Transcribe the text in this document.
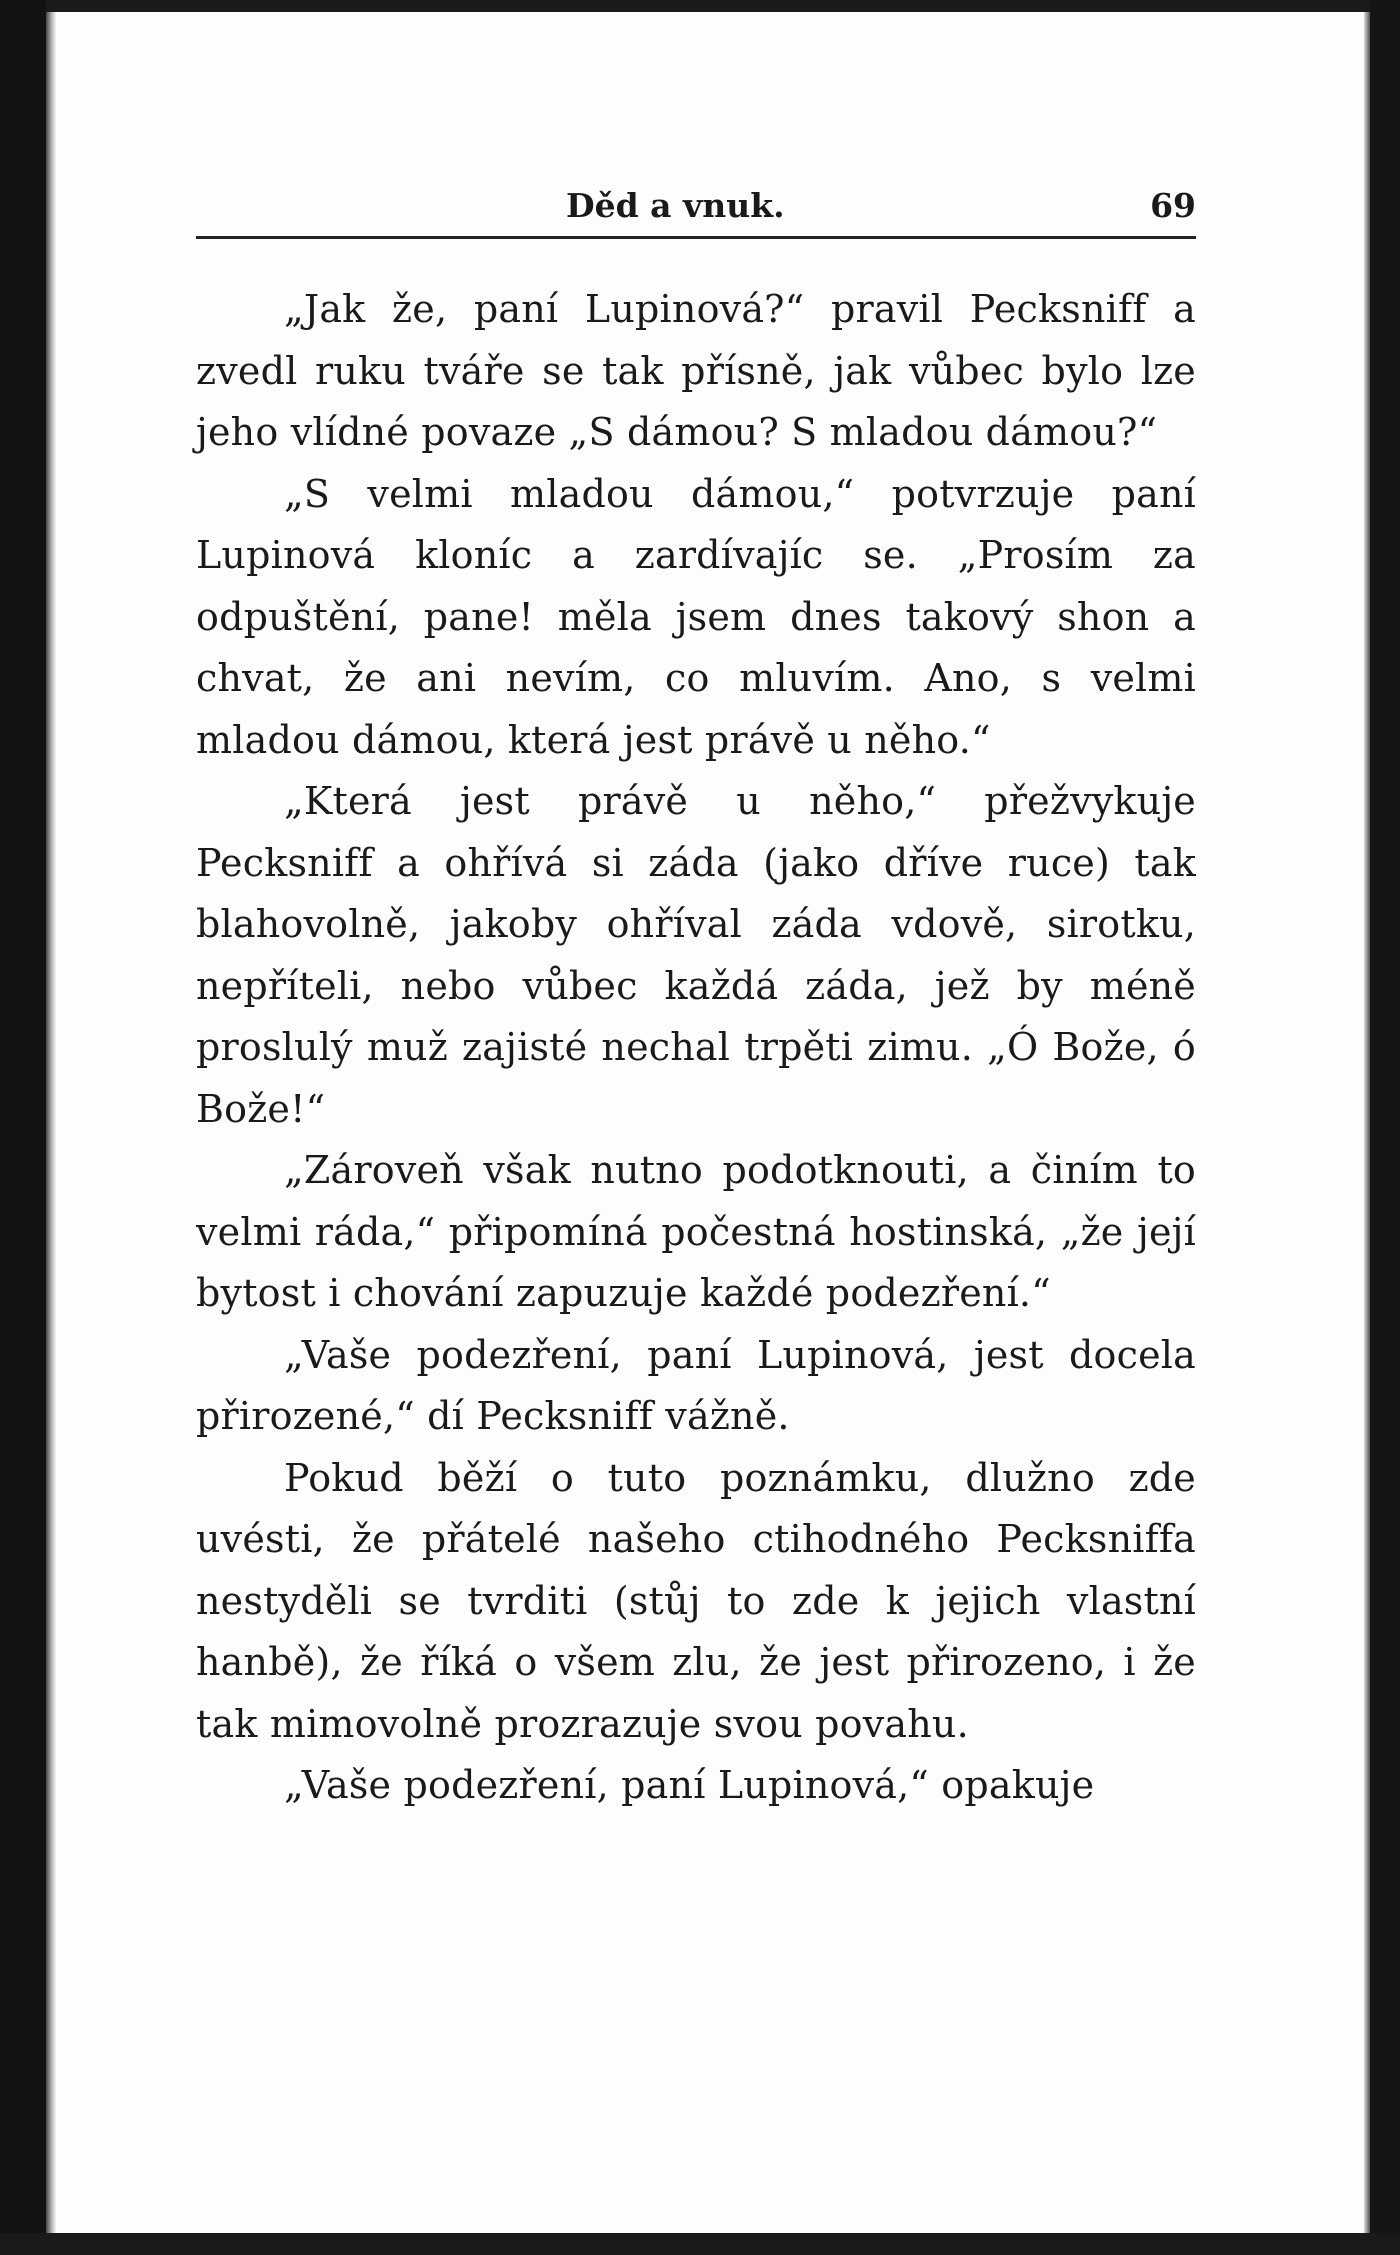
Děd a vnuk.	69

„Jak že, paní Lupinová?“ pravil Pecksniff a zvedl ruku tváře se tak přísně, jak vůbec bylo lze jeho vlídné povaze „S dámou? S mladou dámou?“

„S velmi mladou dámou,“ potvrzuje paní Lupinová kloníc a zardívajíc se. „Prosím za odpuštění, pane! měla jsem dnes takový shon a chvat, že ani nevím, co mluvím. Ano, s velmi mladou dámou, která jest právě u něho.“

„Která jest právě u něho,“ přežvykuje Pecksniff a ohřívá si záda (jako dříve ruce) tak blahovolně, jakoby ohříval záda vdově, sirotku, nepříteli, nebo vůbec každá záda, jež by méně proslulý muž zajisté nechal trpěti zimu. „Ó Bože, ó Bože!“

„Zároveň však nutno podotknouti, a činím to velmi ráda,“ připomíná počestná hostinská, „že její bytost i chování zapuzuje každé podezření.“

„Vaše podezření, paní Lupinová, jest docela přirozené,“ dí Pecksniff vážně.

Pokud běží o tuto poznámku, dlužno zde uvésti, že přátelé našeho ctihodného Pecksniffa nestyděli se tvrditi (stůj to zde k jejich vlastní hanbě), že říká o všem zlu, že jest přirozeno, i že tak mimovolně prozrazuje svou povahu.

„Vaše podezření, paní Lupinová,“ opakuje
